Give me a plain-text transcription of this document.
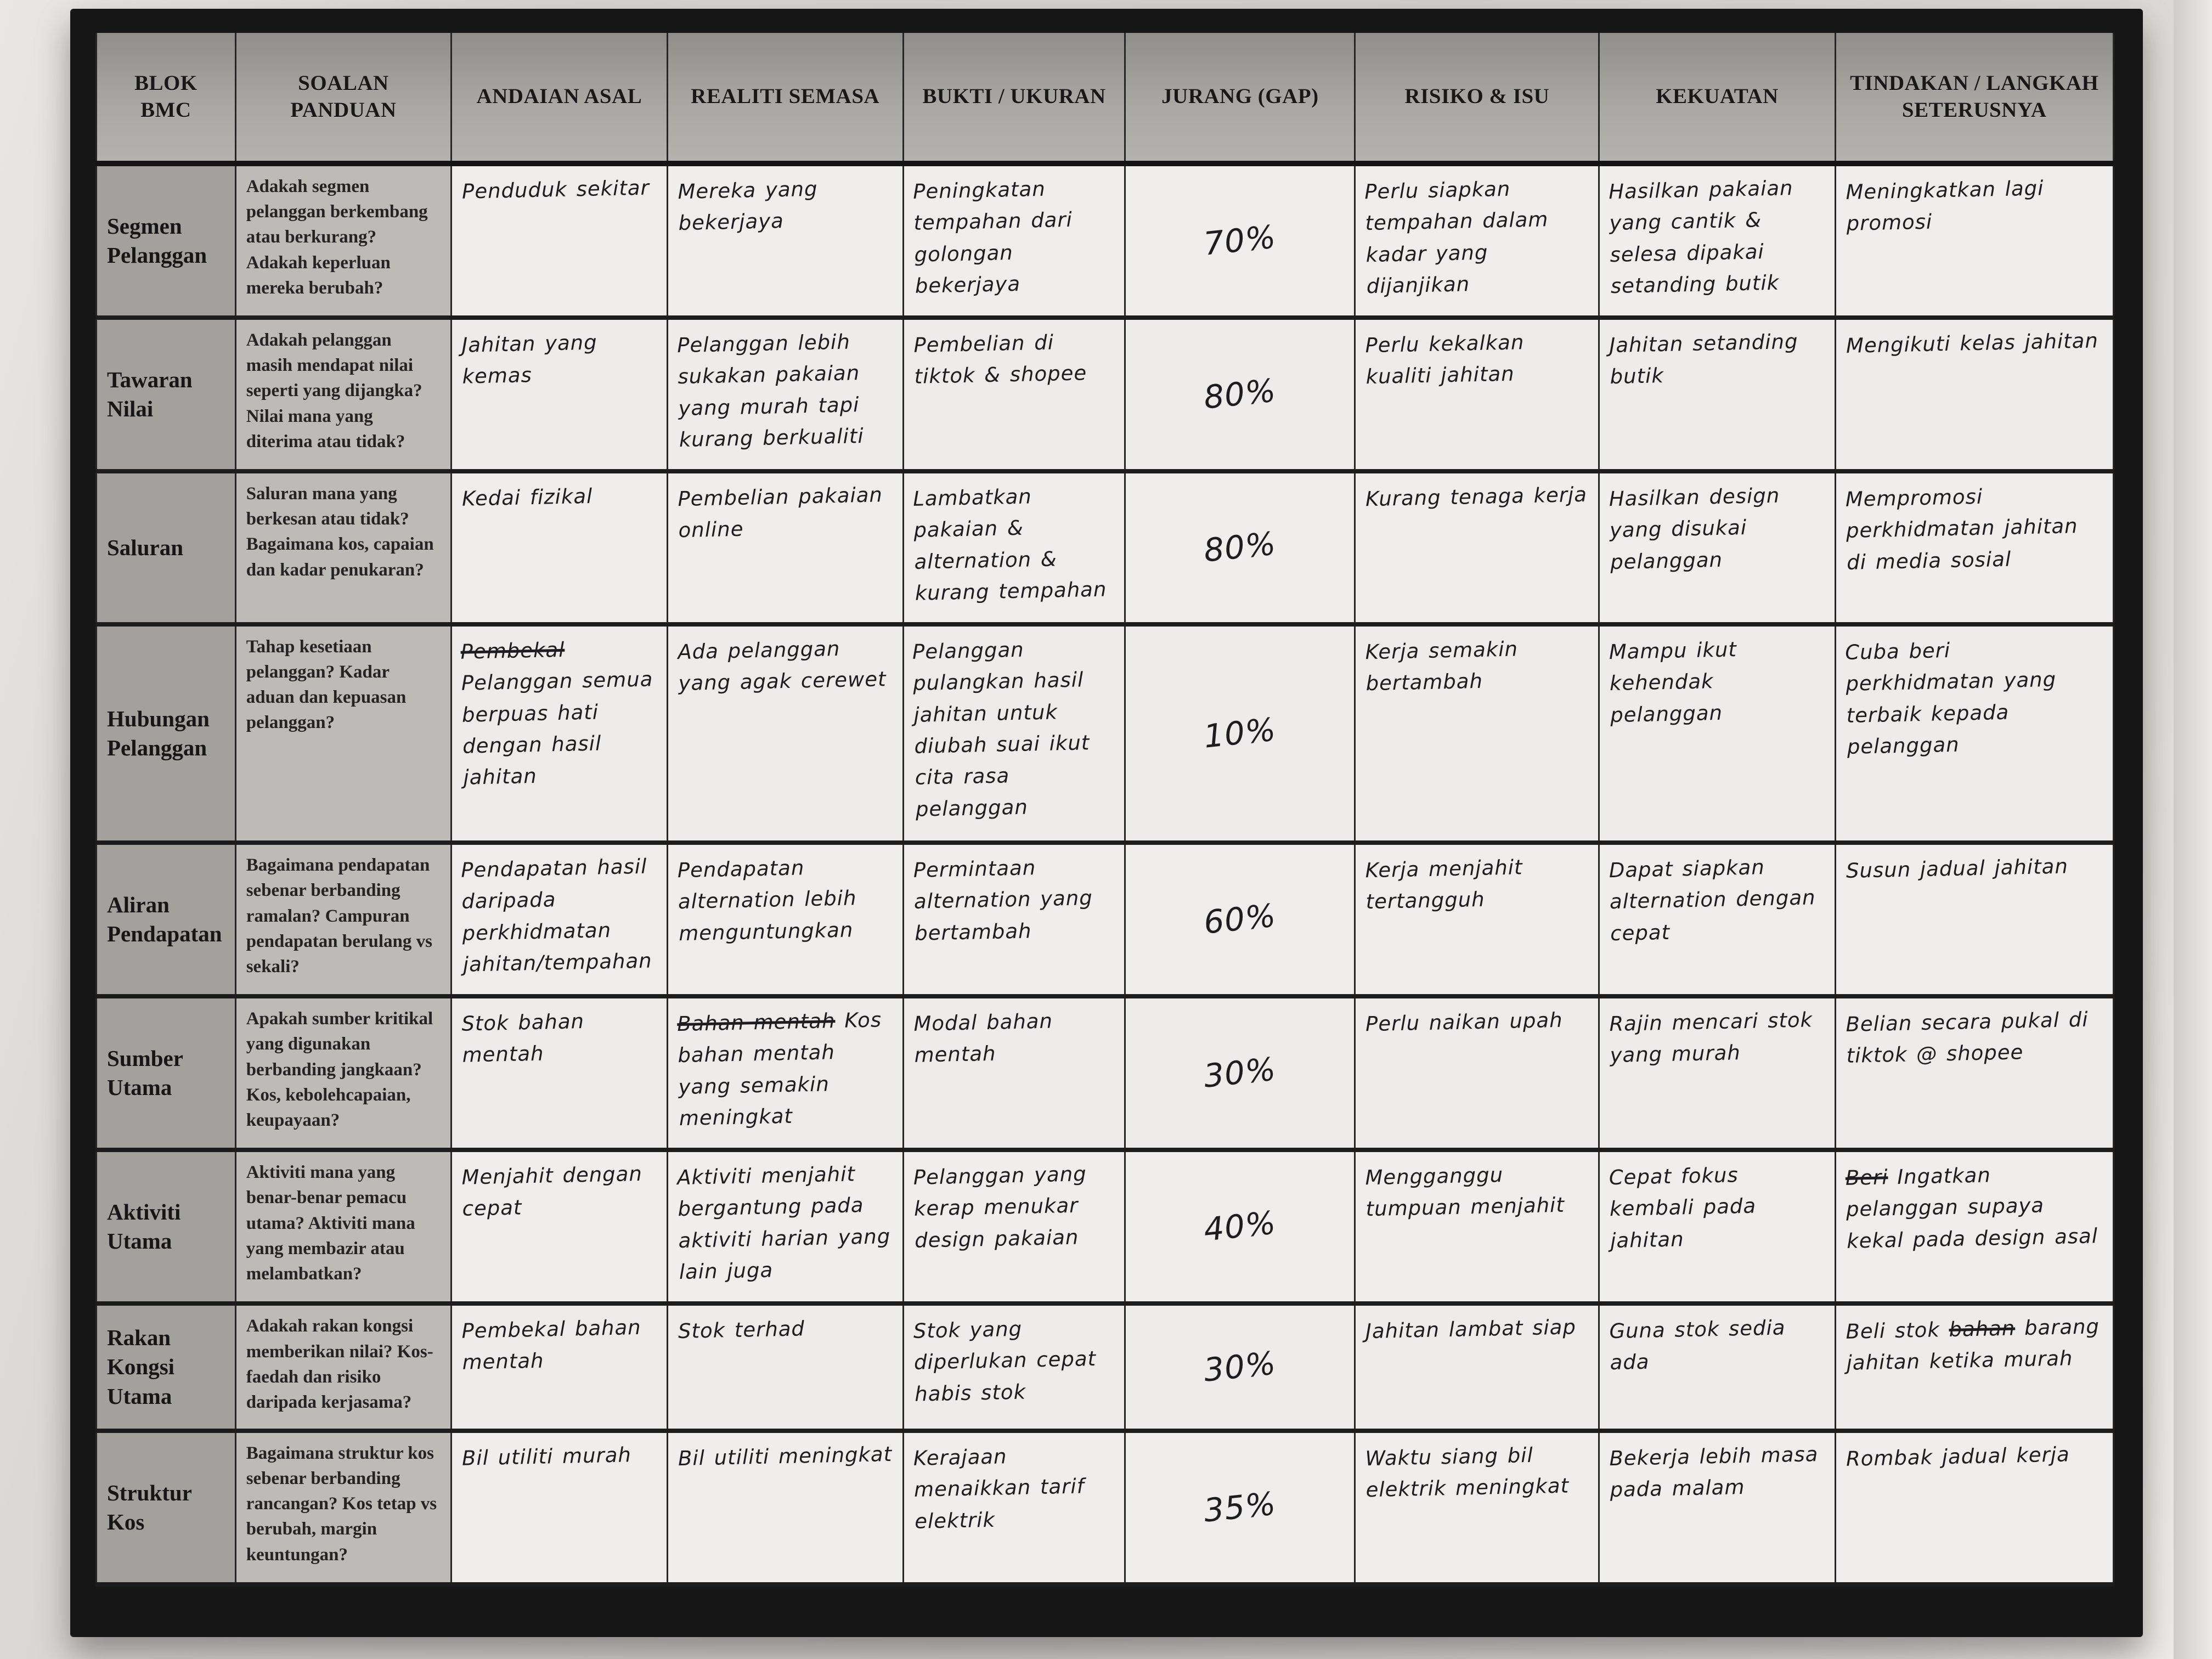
BLOK BMC	SOALAN PANDUAN	ANDAIAN ASAL	REALITI SEMASA	BUKTI / UKURAN	JURANG (GAP)	RISIKO & ISU	KEKUATAN	TINDAKAN / LANGKAH SETERUSNYA
Segmen Pelanggan	Adakah segmen pelanggan berkembang atau berkurang? Adakah keperluan mereka berubah?	Penduduk sekitar	Mereka yang bekerjaya	Peningkatan tempahan dari golongan bekerjaya	70%	Perlu siapkan tempahan dalam kadar yang dijanjikan	Hasilkan pakaian yang cantik & selesa dipakai setanding butik	Meningkatkan lagi promosi

Tawaran Nilai	Adakah pelanggan masih mendapat nilai seperti yang dijangka? Nilai mana yang diterima atau tidak?	Jahitan yang kemas	Pelanggan lebih sukakan pakaian yang murah tapi kurang berkualiti	Pembelian di tiktok & shopee	80%	Perlu kekalkan kualiti jahitan	Jahitan setanding butik	Mengikuti kelas jahitan

Saluran	Saluran mana yang berkesan atau tidak? Bagaimana kos, capaian dan kadar penukaran?	Kedai fizikal	Pembelian pakaian online	Lambatkan pakaian & alternation & kurang tempahan	80%	Kurang tenaga kerja	Hasilkan design yang disukai pelanggan	Mempromosi perkhidmatan jahitan di media sosial

Hubungan Pelanggan	Tahap kesetiaan pelanggan? Kadar aduan dan kepuasan pelanggan?	Pembekal Pelanggan semua berpuas hati dengan hasil jahitan	Ada pelanggan yang agak cerewet	Pelanggan pulangkan hasil jahitan untuk diubah suai ikut cita rasa pelanggan	10%	Kerja semakin bertambah	Mampu ikut kehendak pelanggan	Cuba beri perkhidmatan yang terbaik kepada pelanggan

Aliran Pendapatan	Bagaimana pendapatan sebenar berbanding ramalan? Campuran pendapatan berulang vs sekali?	Pendapatan hasil daripada perkhidmatan jahitan/tempahan	Pendapatan alternation lebih menguntungkan	Permintaan alternation yang bertambah	60%	Kerja menjahit tertangguh	Dapat siapkan alternation dengan cepat	Susun jadual jahitan

Sumber Utama	Apakah sumber kritikal yang digunakan berbanding jangkaan? Kos, kebolehcapaian, keupayaan?	Stok bahan mentah	Bahan mentah Kos bahan mentah yang semakin meningkat	Modal bahan mentah	30%	Perlu naikan upah	Rajin mencari stok yang murah	Belian secara pukal di tiktok @ shopee

Aktiviti Utama	Aktiviti mana yang benar-benar pemacu utama? Aktiviti mana yang membazir atau melambatkan?	Menjahit dengan cepat	Aktiviti menjahit bergantung pada aktiviti harian yang lain juga	Pelanggan yang kerap menukar design pakaian	40%	Mengganggu tumpuan menjahit	Cepat fokus kembali pada jahitan	Beri Ingatkan pelanggan supaya kekal pada design asal

Rakan Kongsi Utama	Adakah rakan kongsi memberikan nilai? Kos-faedah dan risiko daripada kerjasama?	Pembekal bahan mentah	Stok terhad	Stok yang diperlukan cepat habis stok	30%	Jahitan lambat siap	Guna stok sedia ada	Beli stok bahan barang jahitan ketika murah

Struktur Kos	Bagaimana struktur kos sebenar berbanding rancangan? Kos tetap vs berubah, margin keuntungan?	Bil utiliti murah	Bil utiliti meningkat	Kerajaan menaikkan tarif elektrik	35%	Waktu siang bil elektrik meningkat	Bekerja lebih masa pada malam	Rombak jadual kerja
